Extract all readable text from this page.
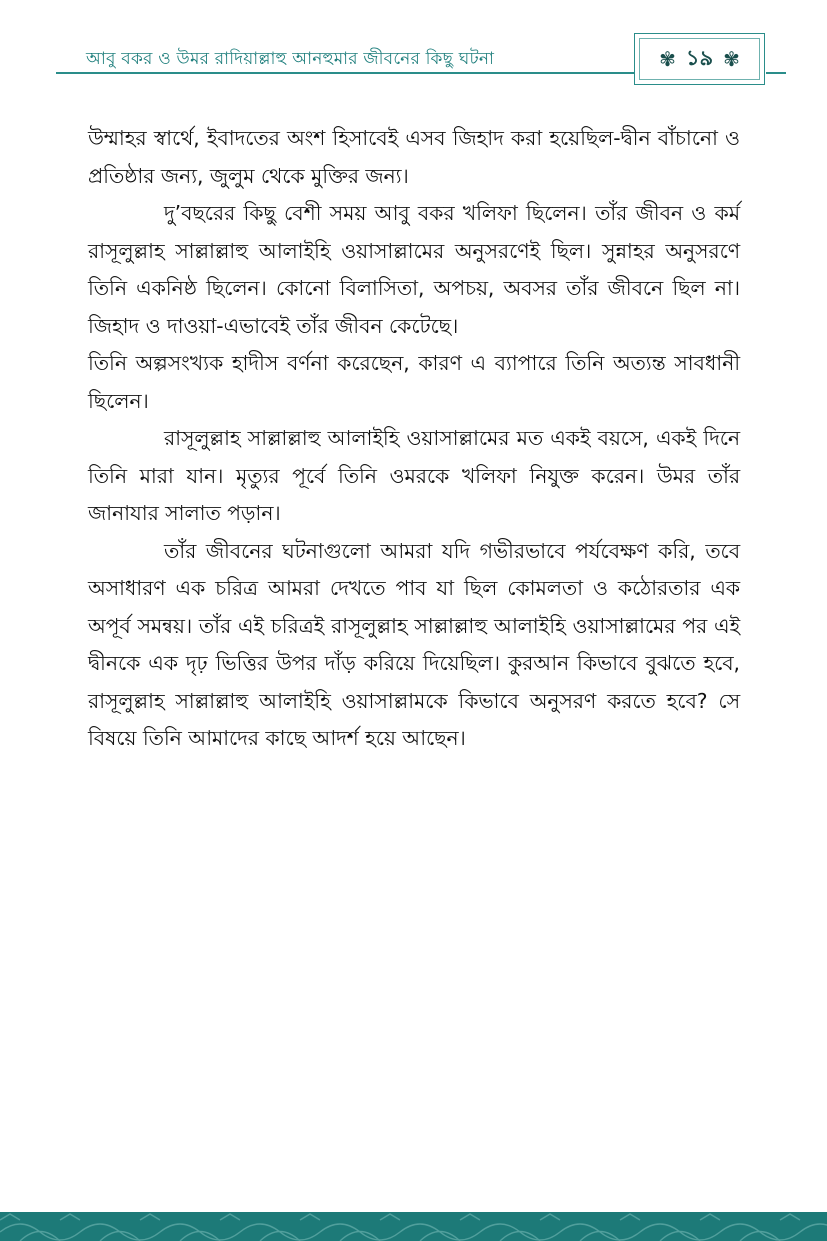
আবু বকর ও উমর রাদিয়াল্লাহু আনহুমার জীবনের কিছু ঘটনা	✾ ১৯ ✾

উম্মাহর স্বার্থে, ইবাদতের অংশ হিসাবেই এসব জিহাদ করা হয়েছিল-দ্বীন বাঁচানো ও প্রতিষ্ঠার জন্য, জুলুম থেকে মুক্তির জন্য।

দু’বছরের কিছু বেশী সময় আবু বকর খলিফা ছিলেন। তাঁর জীবন ও কর্ম রাসূলুল্লাহ সাল্লাল্লাহু আলাইহি ওয়াসাল্লামের অনুসরণেই ছিল। সুন্নাহর অনুসরণে তিনি একনিষ্ঠ ছিলেন। কোনো বিলাসিতা, অপচয়, অবসর তাঁর জীবনে ছিল না। জিহাদ ও দাওয়া-এভাবেই তাঁর জীবন কেটেছে।

তিনি অল্পসংখ্যক হাদীস বর্ণনা করেছেন, কারণ এ ব্যাপারে তিনি অত্যন্ত সাবধানী ছিলেন।

রাসূলুল্লাহ সাল্লাল্লাহু আলাইহি ওয়াসাল্লামের মত একই বয়সে, একই দিনে তিনি মারা যান। মৃত্যুর পূর্বে তিনি ওমরকে খলিফা নিযুক্ত করেন। উমর তাঁর জানাযার সালাত পড়ান।

তাঁর জীবনের ঘটনাগুলো আমরা যদি গভীরভাবে পর্যবেক্ষণ করি, তবে অসাধারণ এক চরিত্র আমরা দেখতে পাব যা ছিল কোমলতা ও কঠোরতার এক অপূর্ব সমন্বয়। তাঁর এই চরিত্রই রাসূলুল্লাহ সাল্লাল্লাহু আলাইহি ওয়াসাল্লামের পর এই দ্বীনকে এক দৃঢ় ভিত্তির উপর দাঁড় করিয়ে দিয়েছিল। কুরআন কিভাবে বুঝতে হবে, রাসূলুল্লাহ সাল্লাল্লাহু আলাইহি ওয়াসাল্লামকে কিভাবে অনুসরণ করতে হবে? সে বিষয়ে তিনি আমাদের কাছে আদর্শ হয়ে আছেন।
